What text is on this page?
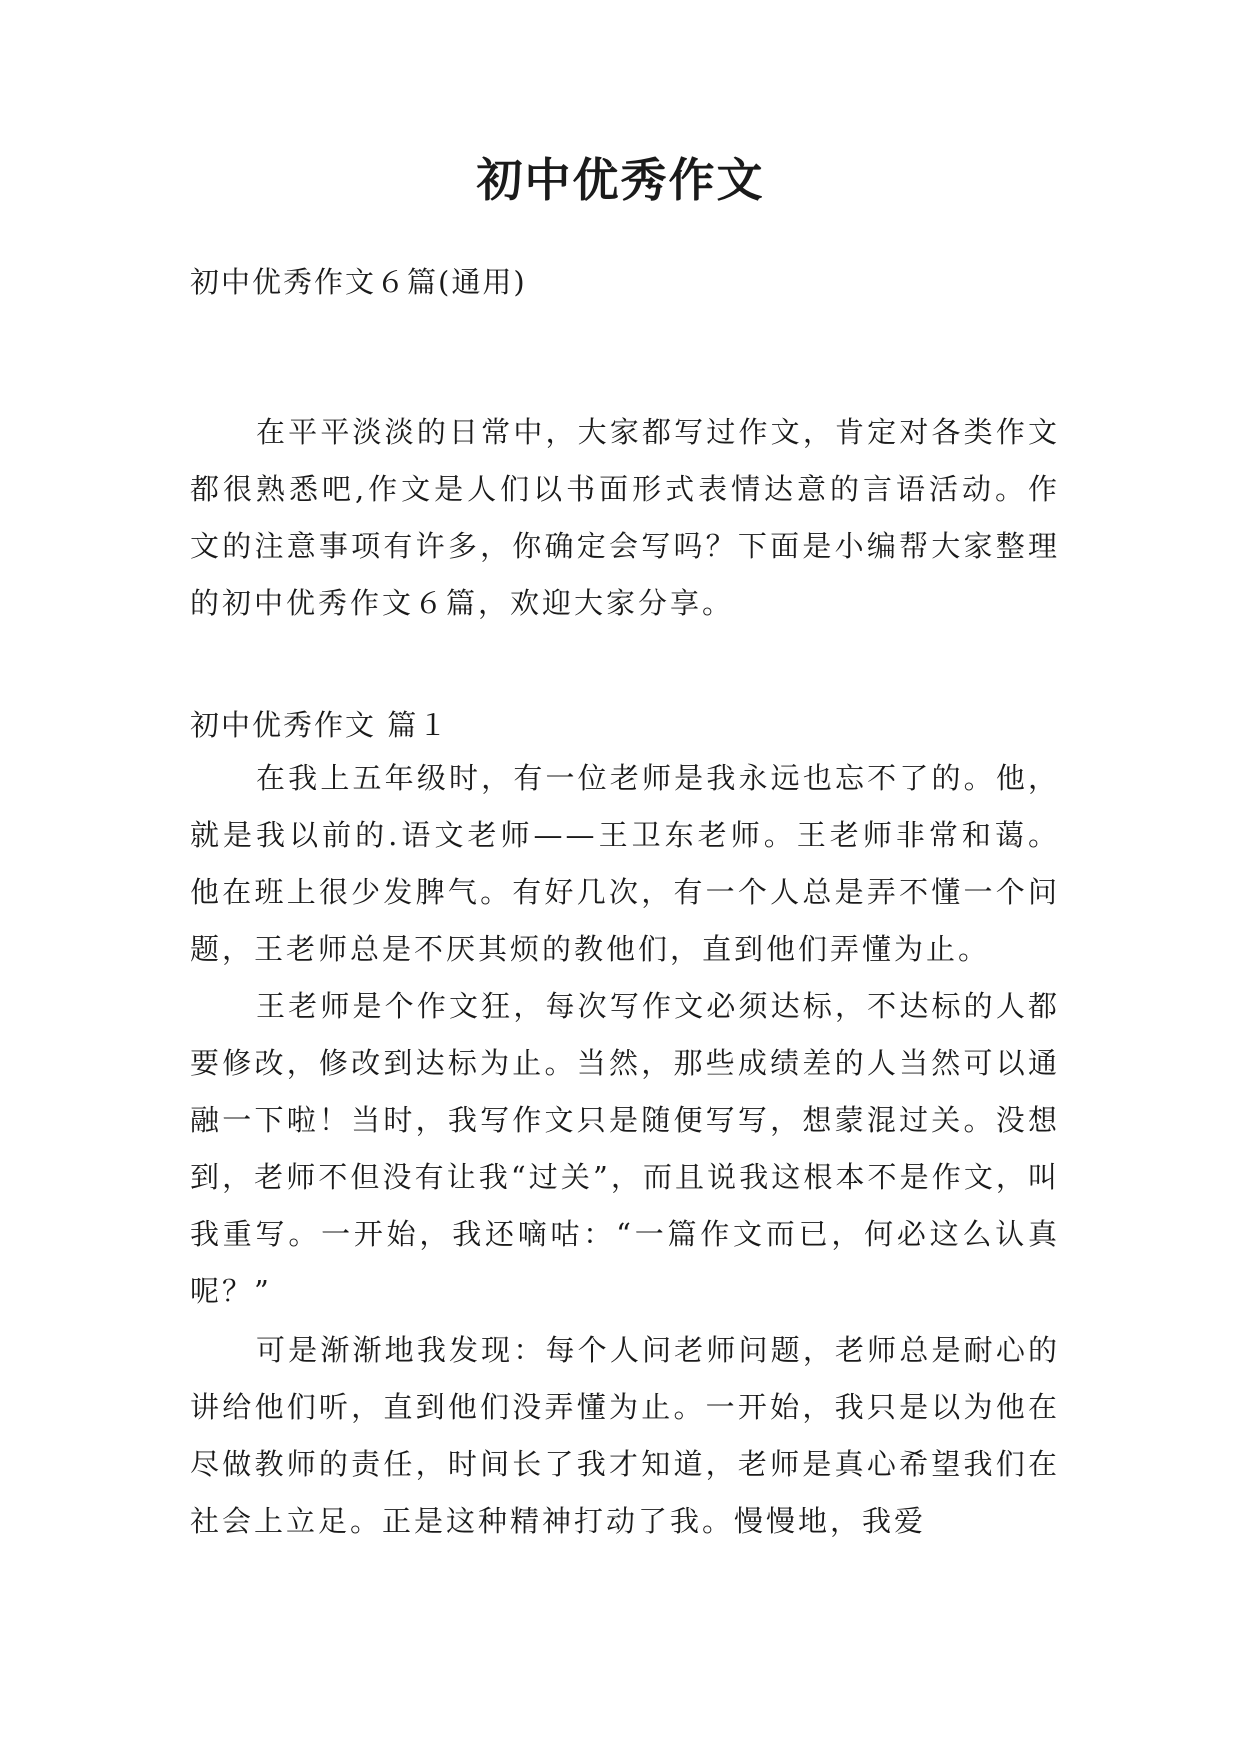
初中优秀作文
初中优秀作文６篇(通用)

在平平淡淡的日常中，大家都写过作文，肯定对各类作文都很熟悉吧,作文是人们以书面形式表情达意的言语活动。作文的注意事项有许多，你确定会写吗？下面是小编帮大家整理的初中优秀作文６篇，欢迎大家分享。

初中优秀作文 篇１

在我上五年级时，有一位老师是我永远也忘不了的。他，就是我以前的.语文老师——王卫东老师。王老师非常和蔼。他在班上很少发脾气。有好几次，有一个人总是弄不懂一个问题，王老师总是不厌其烦的教他们，直到他们弄懂为止。

王老师是个作文狂，每次写作文必须达标，不达标的人都要修改，修改到达标为止。当然，那些成绩差的人当然可以通融一下啦！当时，我写作文只是随便写写，想蒙混过关。没想到，老师不但没有让我“过关”，而且说我这根本不是作文，叫我重写。一开始，我还嘀咕：“一篇作文而已，何必这么认真呢？”

可是渐渐地我发现：每个人问老师问题，老师总是耐心的讲给他们听，直到他们没弄懂为止。一开始，我只是以为他在尽做教师的责任，时间长了我才知道，老师是真心希望我们在社会上立足。正是这种精神打动了我。慢慢地，我爱
